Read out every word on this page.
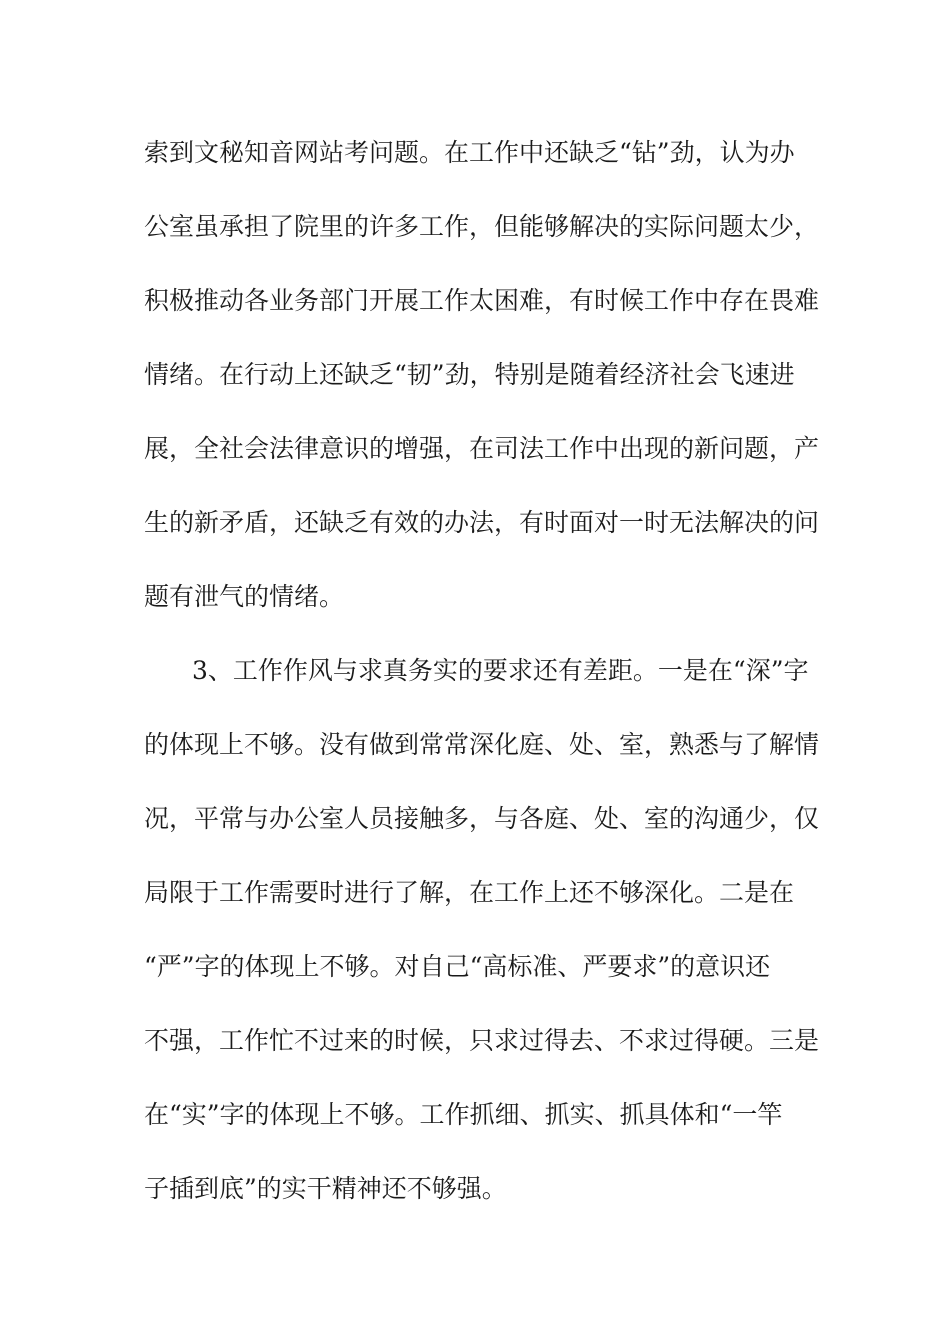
索到文秘知音网站考问题。在工作中还缺乏“钻”劲，认为办
公室虽承担了院里的许多工作，但能够解决的实际问题太少，
积极推动各业务部门开展工作太困难，有时候工作中存在畏难
情绪。在行动上还缺乏“韧”劲，特别是随着经济社会飞速进
展，全社会法律意识的增强，在司法工作中出现的新问题，产
生的新矛盾，还缺乏有效的办法，有时面对一时无法解决的问
题有泄气的情绪。
3、工作作风与求真务实的要求还有差距。一是在“深”字
的体现上不够。没有做到常常深化庭、处、室，熟悉与了解情
况，平常与办公室人员接触多，与各庭、处、室的沟通少，仅
局限于工作需要时进行了解，在工作上还不够深化。二是在
“严”字的体现上不够。对自己“高标准、严要求”的意识还
不强，工作忙不过来的时候，只求过得去、不求过得硬。三是
在“实”字的体现上不够。工作抓细、抓实、抓具体和“一竿
子插到底”的实干精神还不够强。
